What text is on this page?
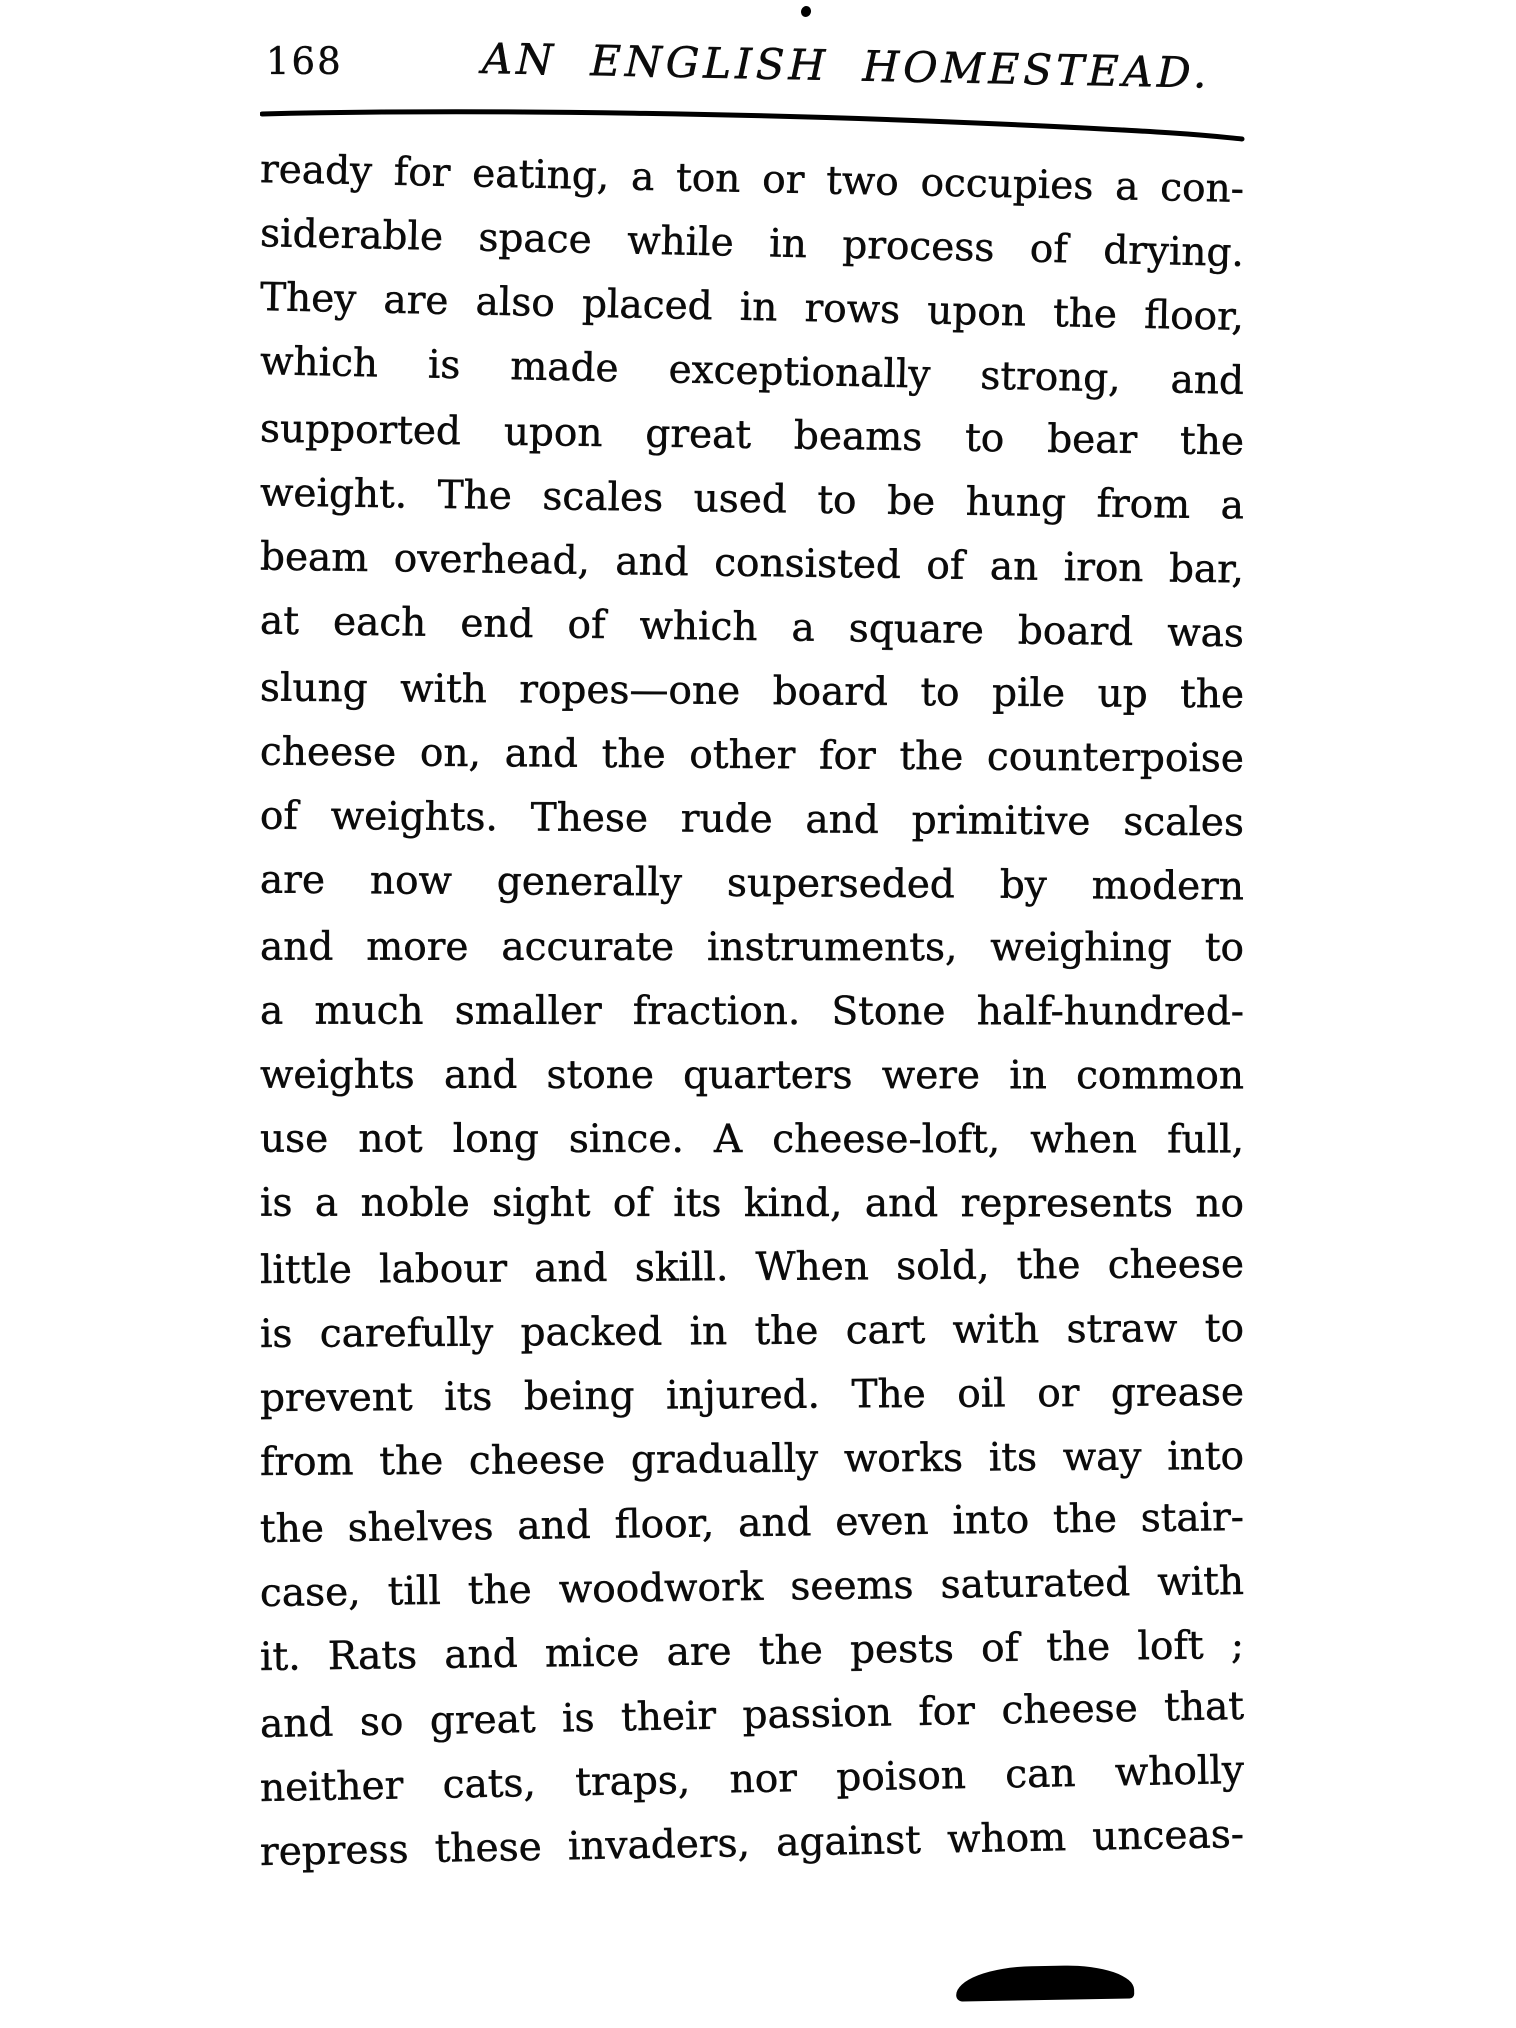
168	AN ENGLISH HOMESTEAD.
ready for eating, a ton or two occupies a con-
siderable space while in process of drying.
They are also placed in rows upon the floor,
which is made exceptionally strong, and
supported upon great beams to bear the
weight. The scales used to be hung from a
beam overhead, and consisted of an iron bar,
at each end of which a square board was
slung with ropes—one board to pile up the
cheese on, and the other for the counterpoise
of weights. These rude and primitive scales
are now generally superseded by modern
and more accurate instruments, weighing to
a much smaller fraction. Stone half-hundred-
weights and stone quarters were in common
use not long since. A cheese-loft, when full,
is a noble sight of its kind, and represents no
little labour and skill. When sold, the cheese
is carefully packed in the cart with straw to
prevent its being injured. The oil or grease
from the cheese gradually works its way into
the shelves and floor, and even into the stair-
case, till the woodwork seems saturated with
it. Rats and mice are the pests of the loft ;
and so great is their passion for cheese that
neither cats, traps, nor poison can wholly
repress these invaders, against whom unceas-
